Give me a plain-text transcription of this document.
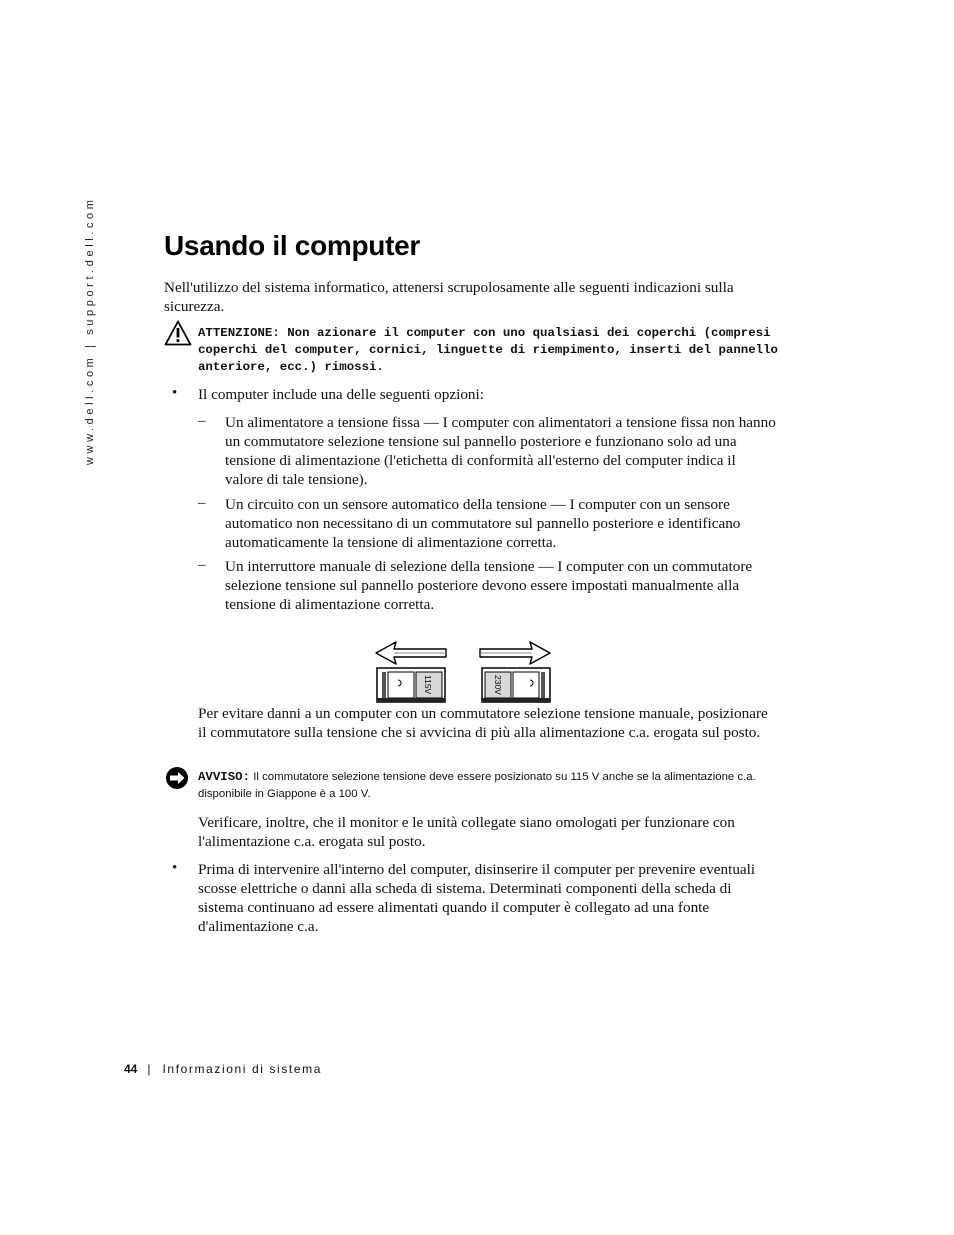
www.dell.com | support.dell.com Usando il computer

Nell'utilizzo del sistema informatico, attenersi scrupolosamente alle seguenti indicazioni sulla sicurezza.

ATTENZIONE: Non azionare il computer con uno qualsiasi dei coperchi (compresi coperchi del computer, cornici, linguette di riempimento, inserti del pannello anteriore, ecc.) rimossi.

• Il computer include una delle seguenti opzioni:

– Un alimentatore a tensione fissa — I computer con alimentatori a tensione fissa non hanno un commutatore selezione tensione sul pannello posteriore e funzionano solo ad una tensione di alimentazione (l'etichetta di conformità all'esterno del computer indica il valore di tale tensione).

– Un circuito con un sensore automatico della tensione — I computer con un sensore automatico non necessitano di un commutatore sul pannello posteriore e identificano automaticamente la tensione di alimentazione corretta.

– Un interruttore manuale di selezione della tensione — I computer con un commutatore selezione tensione sul pannello posteriore devono essere impostati manualmente alla tensione di alimentazione corretta.

115V	230V

Per evitare danni a un computer con un commutatore selezione tensione manuale, posizionare il commutatore sulla tensione che si avvicina di più alla alimentazione c.a. erogata sul posto.

AVVISO: Il commutatore selezione tensione deve essere posizionato su 115 V anche se la alimentazione c.a. disponibile in Giappone è a 100 V.

Verificare, inoltre, che il monitor e le unità collegate siano omologati per funzionare con l'alimentazione c.a. erogata sul posto.

• Prima di intervenire all'interno del computer, disinserire il computer per prevenire eventuali scosse elettriche o danni alla scheda di sistema. Determinati componenti della scheda di sistema continuano ad essere alimentati quando il computer è collegato ad una fonte d'alimentazione c.a.

44 | Informazioni di sistema
